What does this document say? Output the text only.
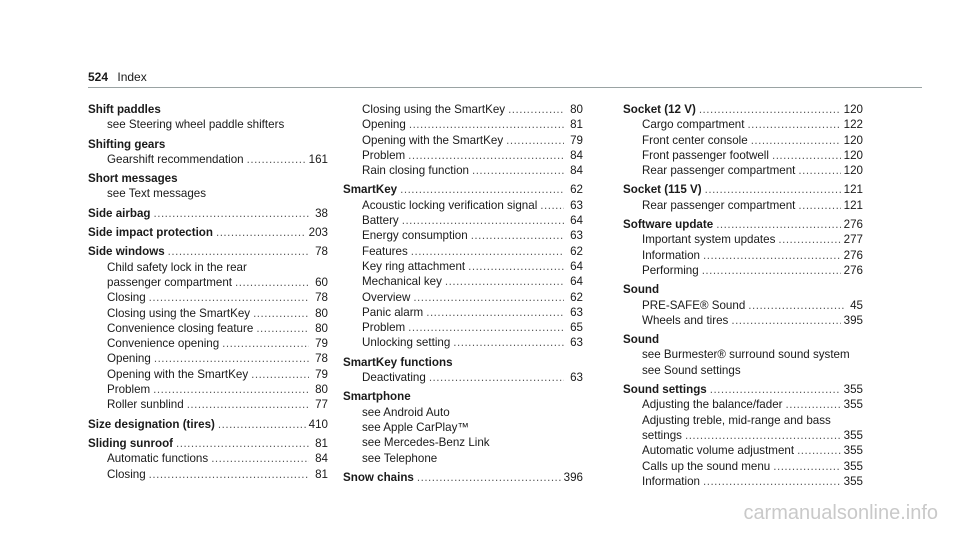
524 Index
Shift paddles
see Steering wheel paddle shifters
Shifting gears
Gearshift recommendation .....	161
Short messages
see Text messages
Side airbag .....	38
Side impact protection .....	203
Side windows .....	78
Child safety lock in the rear
passenger compartment .....	60
Closing .....	78
Closing using the SmartKey .....	80
Convenience closing feature .....	80
Convenience opening .....	79
Opening .....	78
Opening with the SmartKey .....	79
Problem .....	80
Roller sunblind .....	77
Size designation (tires) .....	410
Sliding sunroof .....	81
Automatic functions .....	84
Closing .....	81
Closing using the SmartKey .....	80
Opening .....	81
Opening with the SmartKey .....	79
Problem .....	84
Rain closing function .....	84
SmartKey .....	62
Acoustic locking verification signal .....	63
Battery .....	64
Energy consumption .....	63
Features .....	62
Key ring attachment .....	64
Mechanical key .....	64
Overview .....	62
Panic alarm .....	63
Problem .....	65
Unlocking setting .....	63
SmartKey functions
Deactivating .....	63
Smartphone
see Android Auto
see Apple CarPlay™
see Mercedes-Benz Link
see Telephone
Snow chains .....	396
Socket (12 V) .....	120
Cargo compartment .....	122
Front center console .....	120
Front passenger footwell .....	120
Rear passenger compartment .....	120
Socket (115 V) .....	121
Rear passenger compartment .....	121
Software update .....	276
Important system updates .....	277
Information .....	276
Performing .....	276
Sound
PRE-SAFE® Sound .....	45
Wheels and tires .....	395
Sound
see Burmester® surround sound system
see Sound settings
Sound settings .....	355
Adjusting the balance/fader .....	355
Adjusting treble, mid-range and bass
settings .....	355
Automatic volume adjustment .....	355
Calls up the sound menu .....	355
Information .....	355
carmanualsonline.info
